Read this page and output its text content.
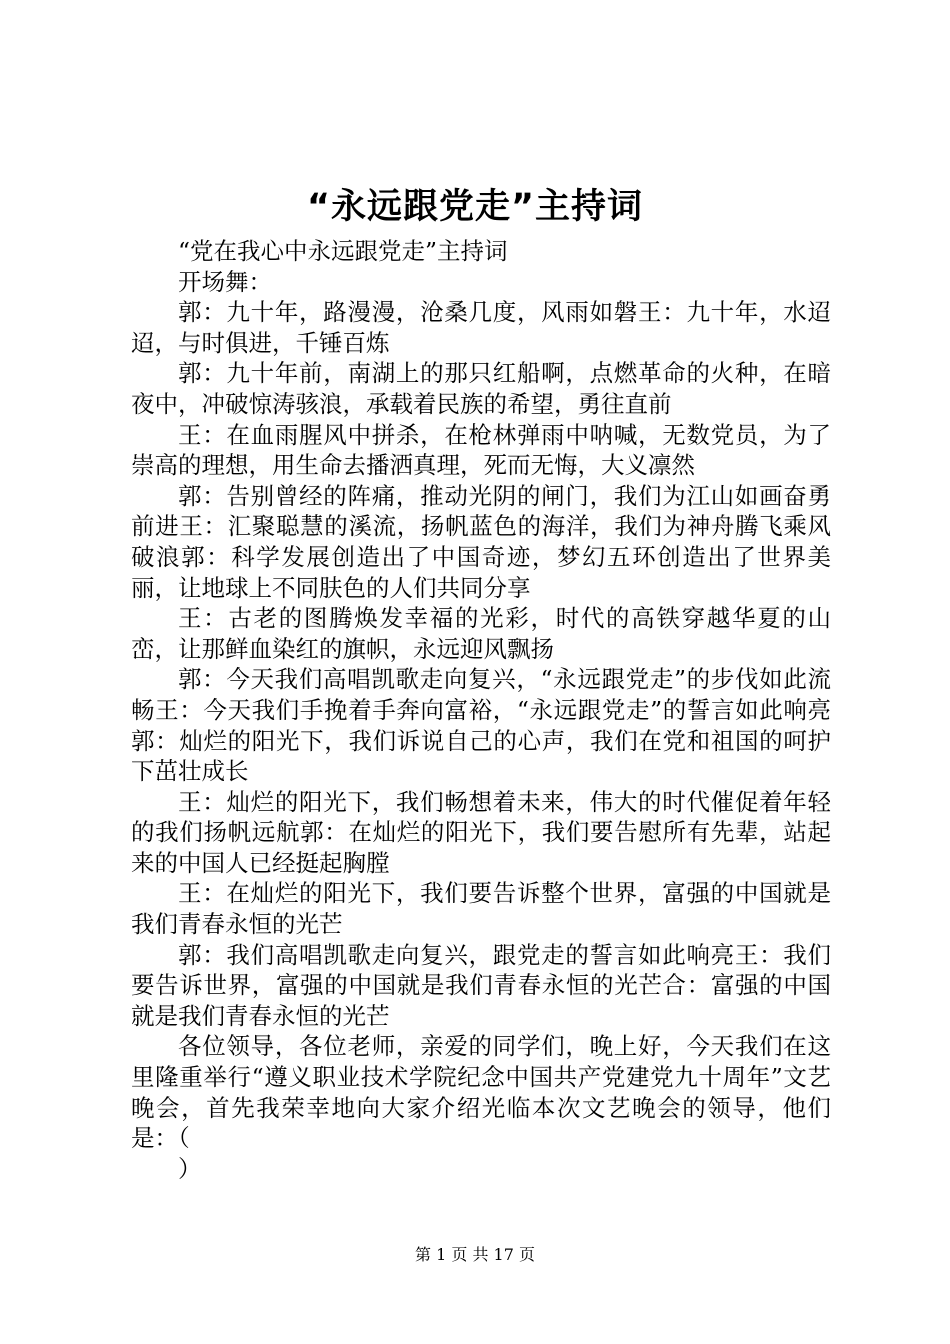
“永远跟党走”主持词

“党在我心中永远跟党走”主持词

开场舞：

郭：九十年，路漫漫，沧桑几度，风雨如磐王：九十年，水迢迢，与时俱进，千锤百炼

郭：九十年前，南湖上的那只红船啊，点燃革命的火种，在暗夜中，冲破惊涛骇浪，承载着民族的希望，勇往直前

王：在血雨腥风中拼杀，在枪林弹雨中呐喊，无数党员，为了崇高的理想，用生命去播洒真理，死而无悔，大义凛然

郭：告别曾经的阵痛，推动光阴的闸门，我们为江山如画奋勇前进王：汇聚聪慧的溪流，扬帆蓝色的海洋，我们为神舟腾飞乘风破浪郭：科学发展创造出了中国奇迹，梦幻五环创造出了世界美丽，让地球上不同肤色的人们共同分享

王：古老的图腾焕发幸福的光彩，时代的高铁穿越华夏的山峦，让那鲜血染红的旗帜，永远迎风飘扬

郭：今天我们高唱凯歌走向复兴，“永远跟党走”的步伐如此流畅王：今天我们手挽着手奔向富裕，“永远跟党走”的誓言如此响亮郭：灿烂的阳光下，我们诉说自己的心声，我们在党和祖国的呵护下茁壮成长

王：灿烂的阳光下，我们畅想着未来，伟大的时代催促着年轻的我们扬帆远航郭：在灿烂的阳光下，我们要告慰所有先辈，站起来的中国人已经挺起胸膛

王：在灿烂的阳光下，我们要告诉整个世界，富强的中国就是我们青春永恒的光芒

郭：我们高唱凯歌走向复兴，跟党走的誓言如此响亮王：我们要告诉世界，富强的中国就是我们青春永恒的光芒合：富强的中国就是我们青春永恒的光芒

各位领导，各位老师，亲爱的同学们，晚上好，今天我们在这里隆重举行“遵义职业技术学院纪念中国共产党建党九十周年”文艺晚会，首先我荣幸地向大家介绍光临本次文艺晚会的领导，他们是：（

）

第 1 页 共 17 页
